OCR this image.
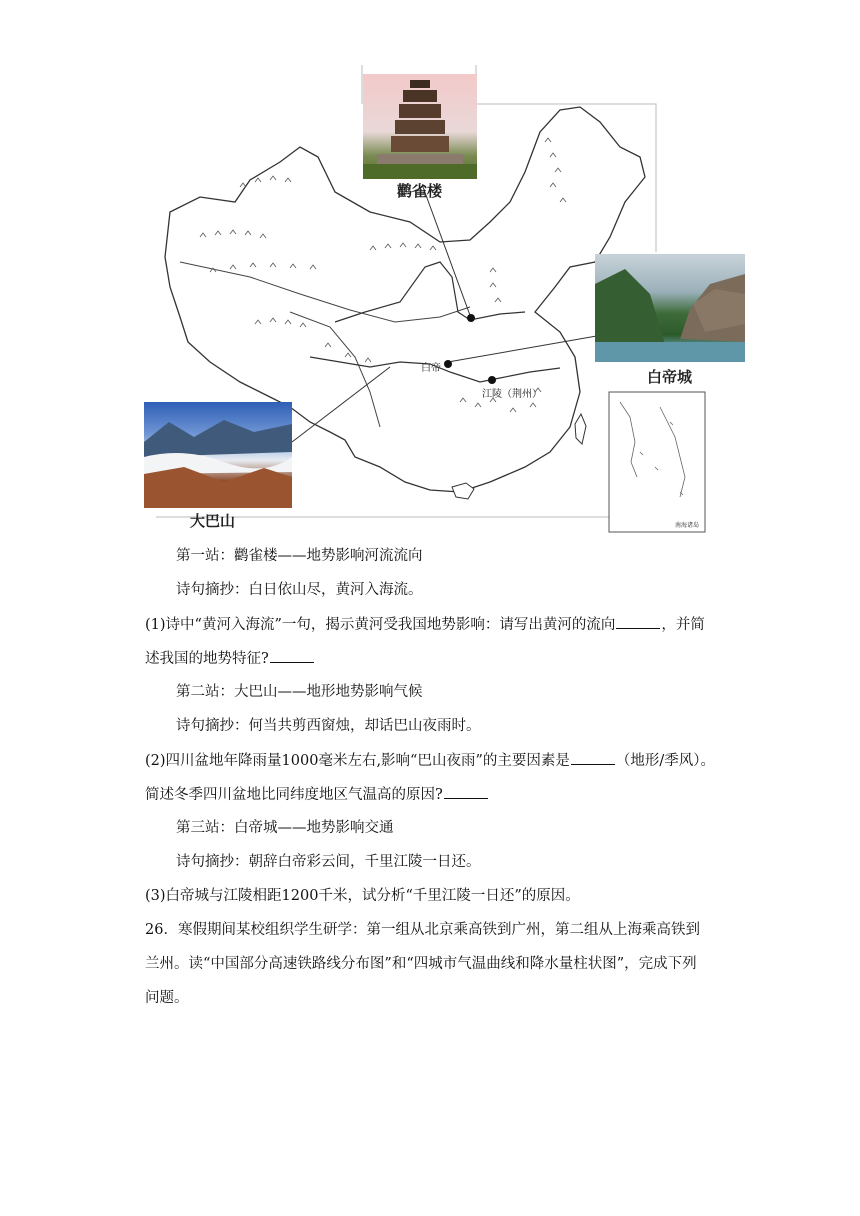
鹳雀楼
白帝城
大巴山
白帝
江陵（荆州）
南海诸岛
第一站：鹳雀楼——地势影响河流流向
诗句摘抄：白日依山尽，黄河入海流。
(1)诗中“黄河入海流”一句，揭示黄河受我国地势影响：请写出黄河的流向	，并简
述我国的地势特征?
第二站：大巴山——地形地势影响气候
诗句摘抄：何当共剪西窗烛，却话巴山夜雨时。
(2)四川盆地年降雨量1000毫米左右,影响“巴山夜雨”的主要因素是	（地形/季风）。
简述冬季四川盆地比同纬度地区气温高的原因?
第三站：白帝城——地势影响交通
诗句摘抄：朝辞白帝彩云间，千里江陵一日还。
(3)白帝城与江陵相距1200千米，试分析“千里江陵一日还”的原因。
26．寒假期间某校组织学生研学：第一组从北京乘高铁到广州，第二组从上海乘高铁到
兰州。读“中国部分高速铁路线分布图”和“四城市气温曲线和降水量柱状图”，完成下列
问题。
